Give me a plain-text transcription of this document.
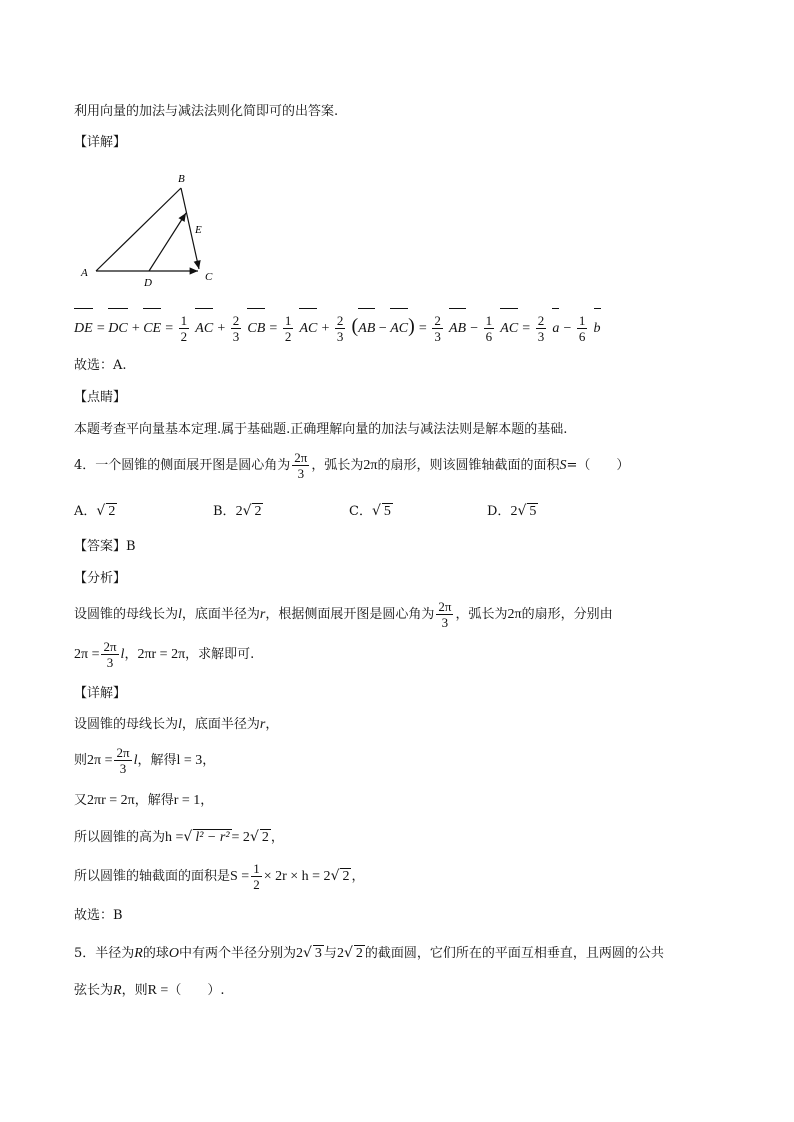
利用向量的加法与减法法则化简即可的出答案.
【详解】
B
E
A
D	C
DE = DC + CE = $\frac{1}{2}$ AC + $\frac{2}{3}$ CB = $\frac{1}{2}$ AC + $\frac{2}{3} (AB - AC) = \frac{2}{3}$ AB − $\frac{1}{6}$ AC = $\frac{2}{3}$ $a - \frac{1}{6}$ b
故选：A.
【点睛】
本题考查平向量基本定理.属于基础题.正确理解向量的加法与减法法则是解本题的基础.
4．一个圆锥的侧面展开图是圆心角为 $\frac{2\pi}{3}$ ，弧长为2π的扇形，则该圆锥轴截面的面积S=（　　）
A．√ 2	B．2√ 2	C．√ 5	D．2√ 5
【答案】B
【分析】
设圆锥的母线长为l，底面半径为r，根据侧面展开图是圆心角为 $\frac{2\pi}{3}$ ，弧长为2π的扇形，分别由
$2\pi = \frac{2\pi}{3}$ l，2πr = 2π，求解即可.
【详解】
设圆锥的母线长为l，底面半径为r，
则$2\pi = \frac{2\pi}{3}$ l，解得l = 3，
又2πr = 2π，解得r = 1，
所以圆锥的高为h =√ l² − r² = 2√ 2 ，
所以圆锥的轴截面的面积是$S = \frac{1}{2} \times 2r \times h = 2√$ 2 ，
故选：B
5．半径为R的球O中有两个半径分别为2√ 3 与2√ 2 的截面圆，它们所在的平面互相垂直，且两圆的公共
弦长为R，则R =（　　）.
